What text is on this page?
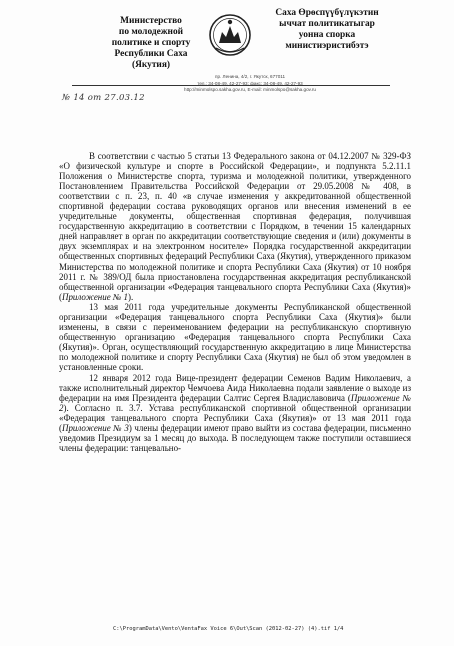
Министерство
по молодежной
политике и спорту
Республики Саха (Якутия)
Саха Өрөспүүбүлүкэтин
ыччат политикатыгар
уонна спорка
министиэристибэтэ
пр. Ленина, 4/2, г. Якутск, 677011
тел.: 34-08-49, 42-27-93; факс: 34-08-49, 42-27-93
http://minmolspo.sakha.gov.ru, E-mail: minmolspo@sakha.gov.ru
№ 14 от 27.03.12

В соответствии с частью 5 статьи 13 Федерального закона от 04.12.2007 № 329-ФЗ «О физической культуре и спорте в Российской Федерации», и подпункта 5.2.11.1 Положения о Министерстве спорта, туризма и молодежной политики, утвержденного Постановлением Правительства Российской Федерации от 29.05.2008 № 408, в соответствии с п. 23, п. 40 «в случае изменения у аккредитованной общественной спортивной федерации состава руководящих органов или внесения изменений в ее учредительные документы, общественная спортивная федерация, получившая государственную аккредитацию в соответствии с Порядком, в течении 15 календарных дней направляет в орган по аккредитации соответствующие сведения и (или) документы в двух экземплярах и на электронном носителе» Порядка государственной аккредитации общественных спортивных федераций Республики Саха (Якутия), утвержденного приказом Министерства по молодежной политике и спорта Республики Саха (Якутия) от 10 ноября 2011 г. № 389/ОД была приостановлена государственная аккредитация республиканской общественной организации «Федерация танцевального спорта Республики Саха (Якутия)» (Приложение № 1).

13 мая 2011 года учредительные документы Республиканской общественной организации «Федерация танцевального спорта Республики Саха (Якутия)» были изменены, в связи с переименованием федерации на республиканскую спортивную общественную организацию «Федерация танцевального спорта Республики Саха (Якутия)». Орган, осуществляющий государственную аккредитацию в лице Министерства по молодежной политике и спорту Республики Саха (Якутия) не был об этом уведомлен в установленные сроки.

12 января 2012 года Вице-президент федерации Семенов Вадим Николаевич, а также исполнительный директор Чемчоева Аида Николаевна подали заявление о выходе из федерации на имя Президента федерации Салтис Сергея Владиславовича (Приложение № 2). Согласно п. 3.7. Устава республиканской спортивной общественной организации «Федерация танцевального спорта Республики Саха (Якутия)» от 13 мая 2011 года (Приложение № 3) члены федерации имеют право выйти из состава федерации, письменно уведомив Президиум за 1 месяц до выхода. В последующем также поступили оставшиеся члены федерации: танцевально-

C:\ProgramData\Vento\VentaFax Voice 6\Out\Scan (2012-02-27) (4).tif 1/4
